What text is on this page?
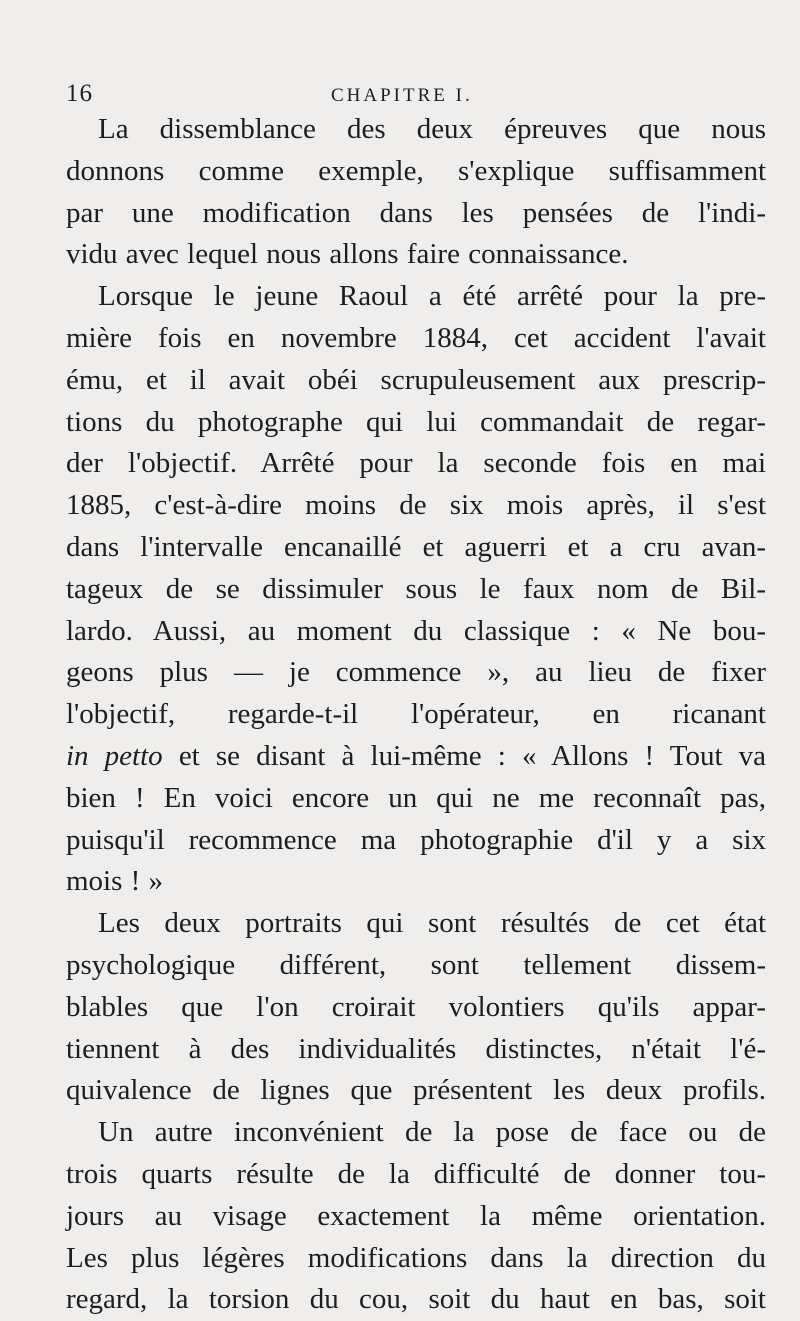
16	CHAPITRE I.
La dissemblance des deux épreuves que nous
donnons comme exemple, s'explique suffisamment
par une modification dans les pensées de l'indi-
vidu avec lequel nous allons faire connaissance.
Lorsque le jeune Raoul a été arrêté pour la pre-
mière fois en novembre 1884, cet accident l'avait
ému, et il avait obéi scrupuleusement aux prescrip-
tions du photographe qui lui commandait de regar-
der l'objectif. Arrêté pour la seconde fois en mai
1885, c'est-à-dire moins de six mois après, il s'est
dans l'intervalle encanaillé et aguerri et a cru avan-
tageux de se dissimuler sous le faux nom de Bil-
lardo. Aussi, au moment du classique : « Ne bou-
geons plus — je commence », au lieu de fixer
l'objectif, regarde-t-il l'opérateur, en ricanant
in petto et se disant à lui-même : « Allons ! Tout va
bien ! En voici encore un qui ne me reconnaît pas,
puisqu'il recommence ma photographie d'il y a six
mois ! »
Les deux portraits qui sont résultés de cet état
psychologique différent, sont tellement dissem-
blables que l'on croirait volontiers qu'ils appar-
tiennent à des individualités distinctes, n'était l'é-
quivalence de lignes que présentent les deux profils.
Un autre inconvénient de la pose de face ou de
trois quarts résulte de la difficulté de donner tou-
jours au visage exactement la même orientation.
Les plus légères modifications dans la direction du
regard, la torsion du cou, soit du haut en bas, soit
